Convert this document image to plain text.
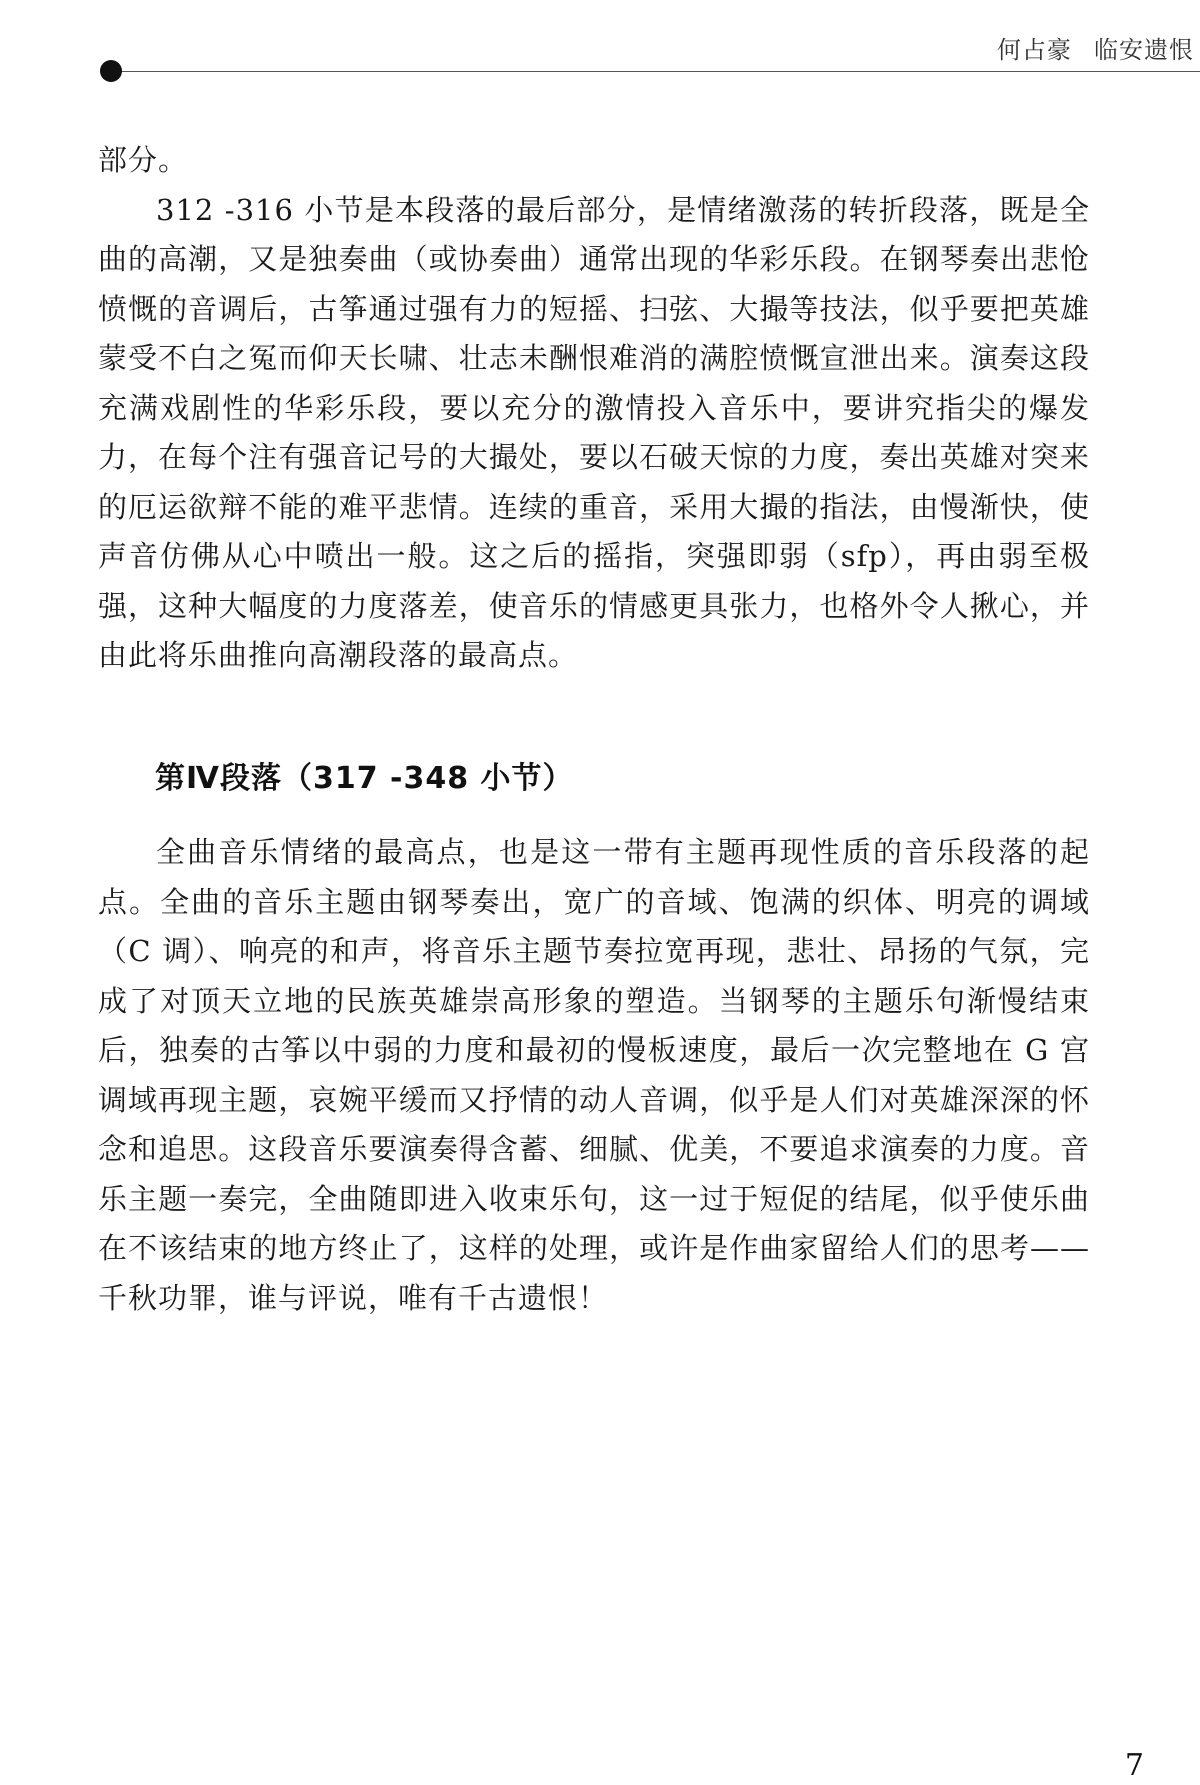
何占豪 临安遗恨

部分。

312 -316 小节是本段落的最后部分，是情绪激荡的转折段落，既是全曲的高潮，又是独奏曲（或协奏曲）通常出现的华彩乐段。在钢琴奏出悲怆愤慨的音调后，古筝通过强有力的短摇、扫弦、大撮等技法，似乎要把英雄蒙受不白之冤而仰天长啸、壮志未酬恨难消的满腔愤慨宣泄出来。演奏这段充满戏剧性的华彩乐段，要以充分的激情投入音乐中，要讲究指尖的爆发力，在每个注有强音记号的大撮处，要以石破天惊的力度，奏出英雄对突来的厄运欲辩不能的难平悲情。连续的重音，采用大撮的指法，由慢渐快，使声音仿佛从心中喷出一般。这之后的摇指，突强即弱（sfp），再由弱至极强，这种大幅度的力度落差，使音乐的情感更具张力，也格外令人揪心，并由此将乐曲推向高潮段落的最高点。

第Ⅳ段落（317 -348 小节）

全曲音乐情绪的最高点，也是这一带有主题再现性质的音乐段落的起点。全曲的音乐主题由钢琴奏出，宽广的音域、饱满的织体、明亮的调域（C 调）、响亮的和声，将音乐主题节奏拉宽再现，悲壮、昂扬的气氛，完成了对顶天立地的民族英雄崇高形象的塑造。当钢琴的主题乐句渐慢结束后，独奏的古筝以中弱的力度和最初的慢板速度，最后一次完整地在 G 宫调域再现主题，哀婉平缓而又抒情的动人音调，似乎是人们对英雄深深的怀念和追思。这段音乐要演奏得含蓄、细腻、优美，不要追求演奏的力度。音乐主题一奏完，全曲随即进入收束乐句，这一过于短促的结尾，似乎使乐曲在不该结束的地方终止了，这样的处理，或许是作曲家留给人们的思考——千秋功罪，谁与评说，唯有千古遗恨！

7
